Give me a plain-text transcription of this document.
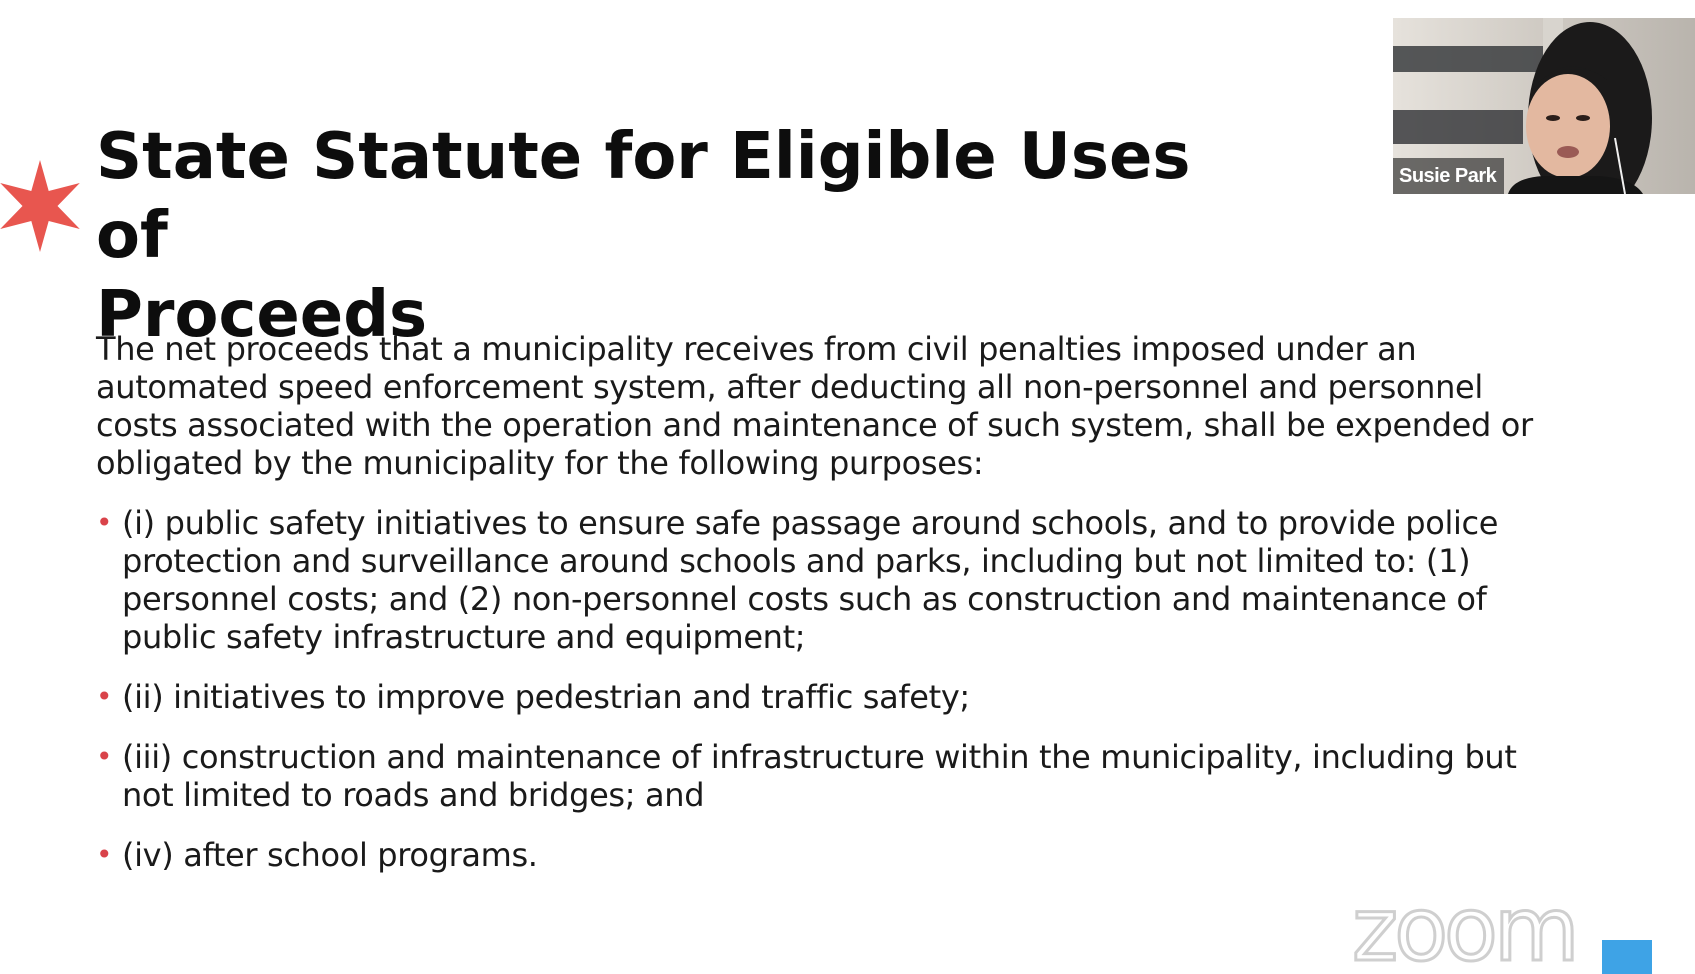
State Statute for Eligible Uses of
Proceeds

The net proceeds that a municipality receives from civil penalties imposed under an automated speed enforcement system, after deducting all non-personnel and personnel costs associated with the operation and maintenance of such system, shall be expended or obligated by the municipality for the following purposes:

• (i) public safety initiatives to ensure safe passage around schools, and to provide police protection and surveillance around schools and parks, including but not limited to: (1) personnel costs; and (2) non-personnel costs such as construction and maintenance of public safety infrastructure and equipment;
• (ii) initiatives to improve pedestrian and traffic safety;
• (iii) construction and maintenance of infrastructure within the municipality, including but not limited to roads and bridges; and
• (iv) after school programs.
Susie Park
zoom
